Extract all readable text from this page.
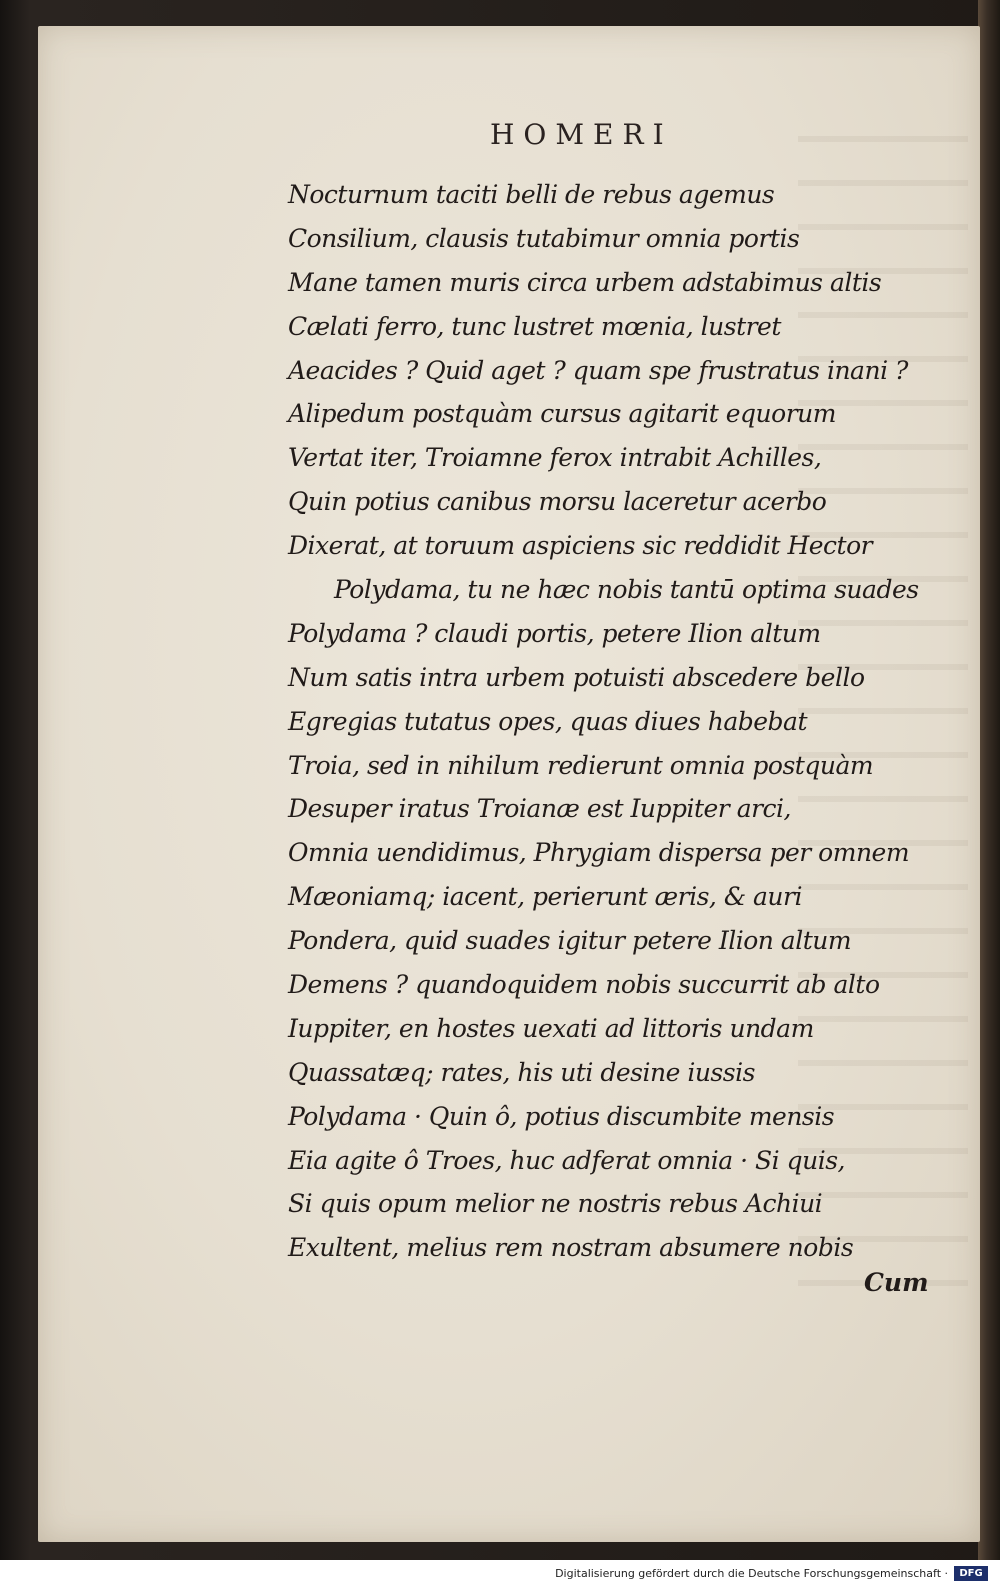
HOMERI
Nocturnum taciti belli de rebus agemus
Consilium, clausis tutabimur omnia portis
Mane tamen muris circa urbem adstabimus altis
Cælati ferro, tunc lustret mœnia, lustret
Aeacides ? Quid aget ? quam spe frustratus inani ?
Alipedum postquàm cursus agitarit equorum
Vertat iter, Troiamne ferox intrabit Achilles,
Quin potius canibus morsu laceretur acerbo
Dixerat, at toruum aspiciens sic reddidit Hector
Polydama, tu ne hæc nobis tantū optima suades
Polydama ? claudi portis, petere Ilion altum
Num satis intra urbem potuisti abscedere bello
Egregias tutatus opes, quas diues habebat
Troia, sed in nihilum redierunt omnia postquàm
Desuper iratus Troianæ est Iuppiter arci,
Omnia uendidimus, Phrygiam dispersa per omnem
Mæoniamq; iacent, perierunt æris, & auri
Pondera, quid suades igitur petere Ilion altum
Demens ? quandoquidem nobis succurrit ab alto
Iuppiter, en hostes uexati ad littoris undam
Quassatæq; rates, his uti desine iussis
Polydama · Quin ô, potius discumbite mensis
Eia agite ô Troes, huc adferat omnia · Si quis,
Si quis opum melior ne nostris rebus Achiui
Exultent, melius rem nostram absumere nobis
Cum
Digitalisierung gefördert durch die Deutsche Forschungsgemeinschaft ·	DFG
